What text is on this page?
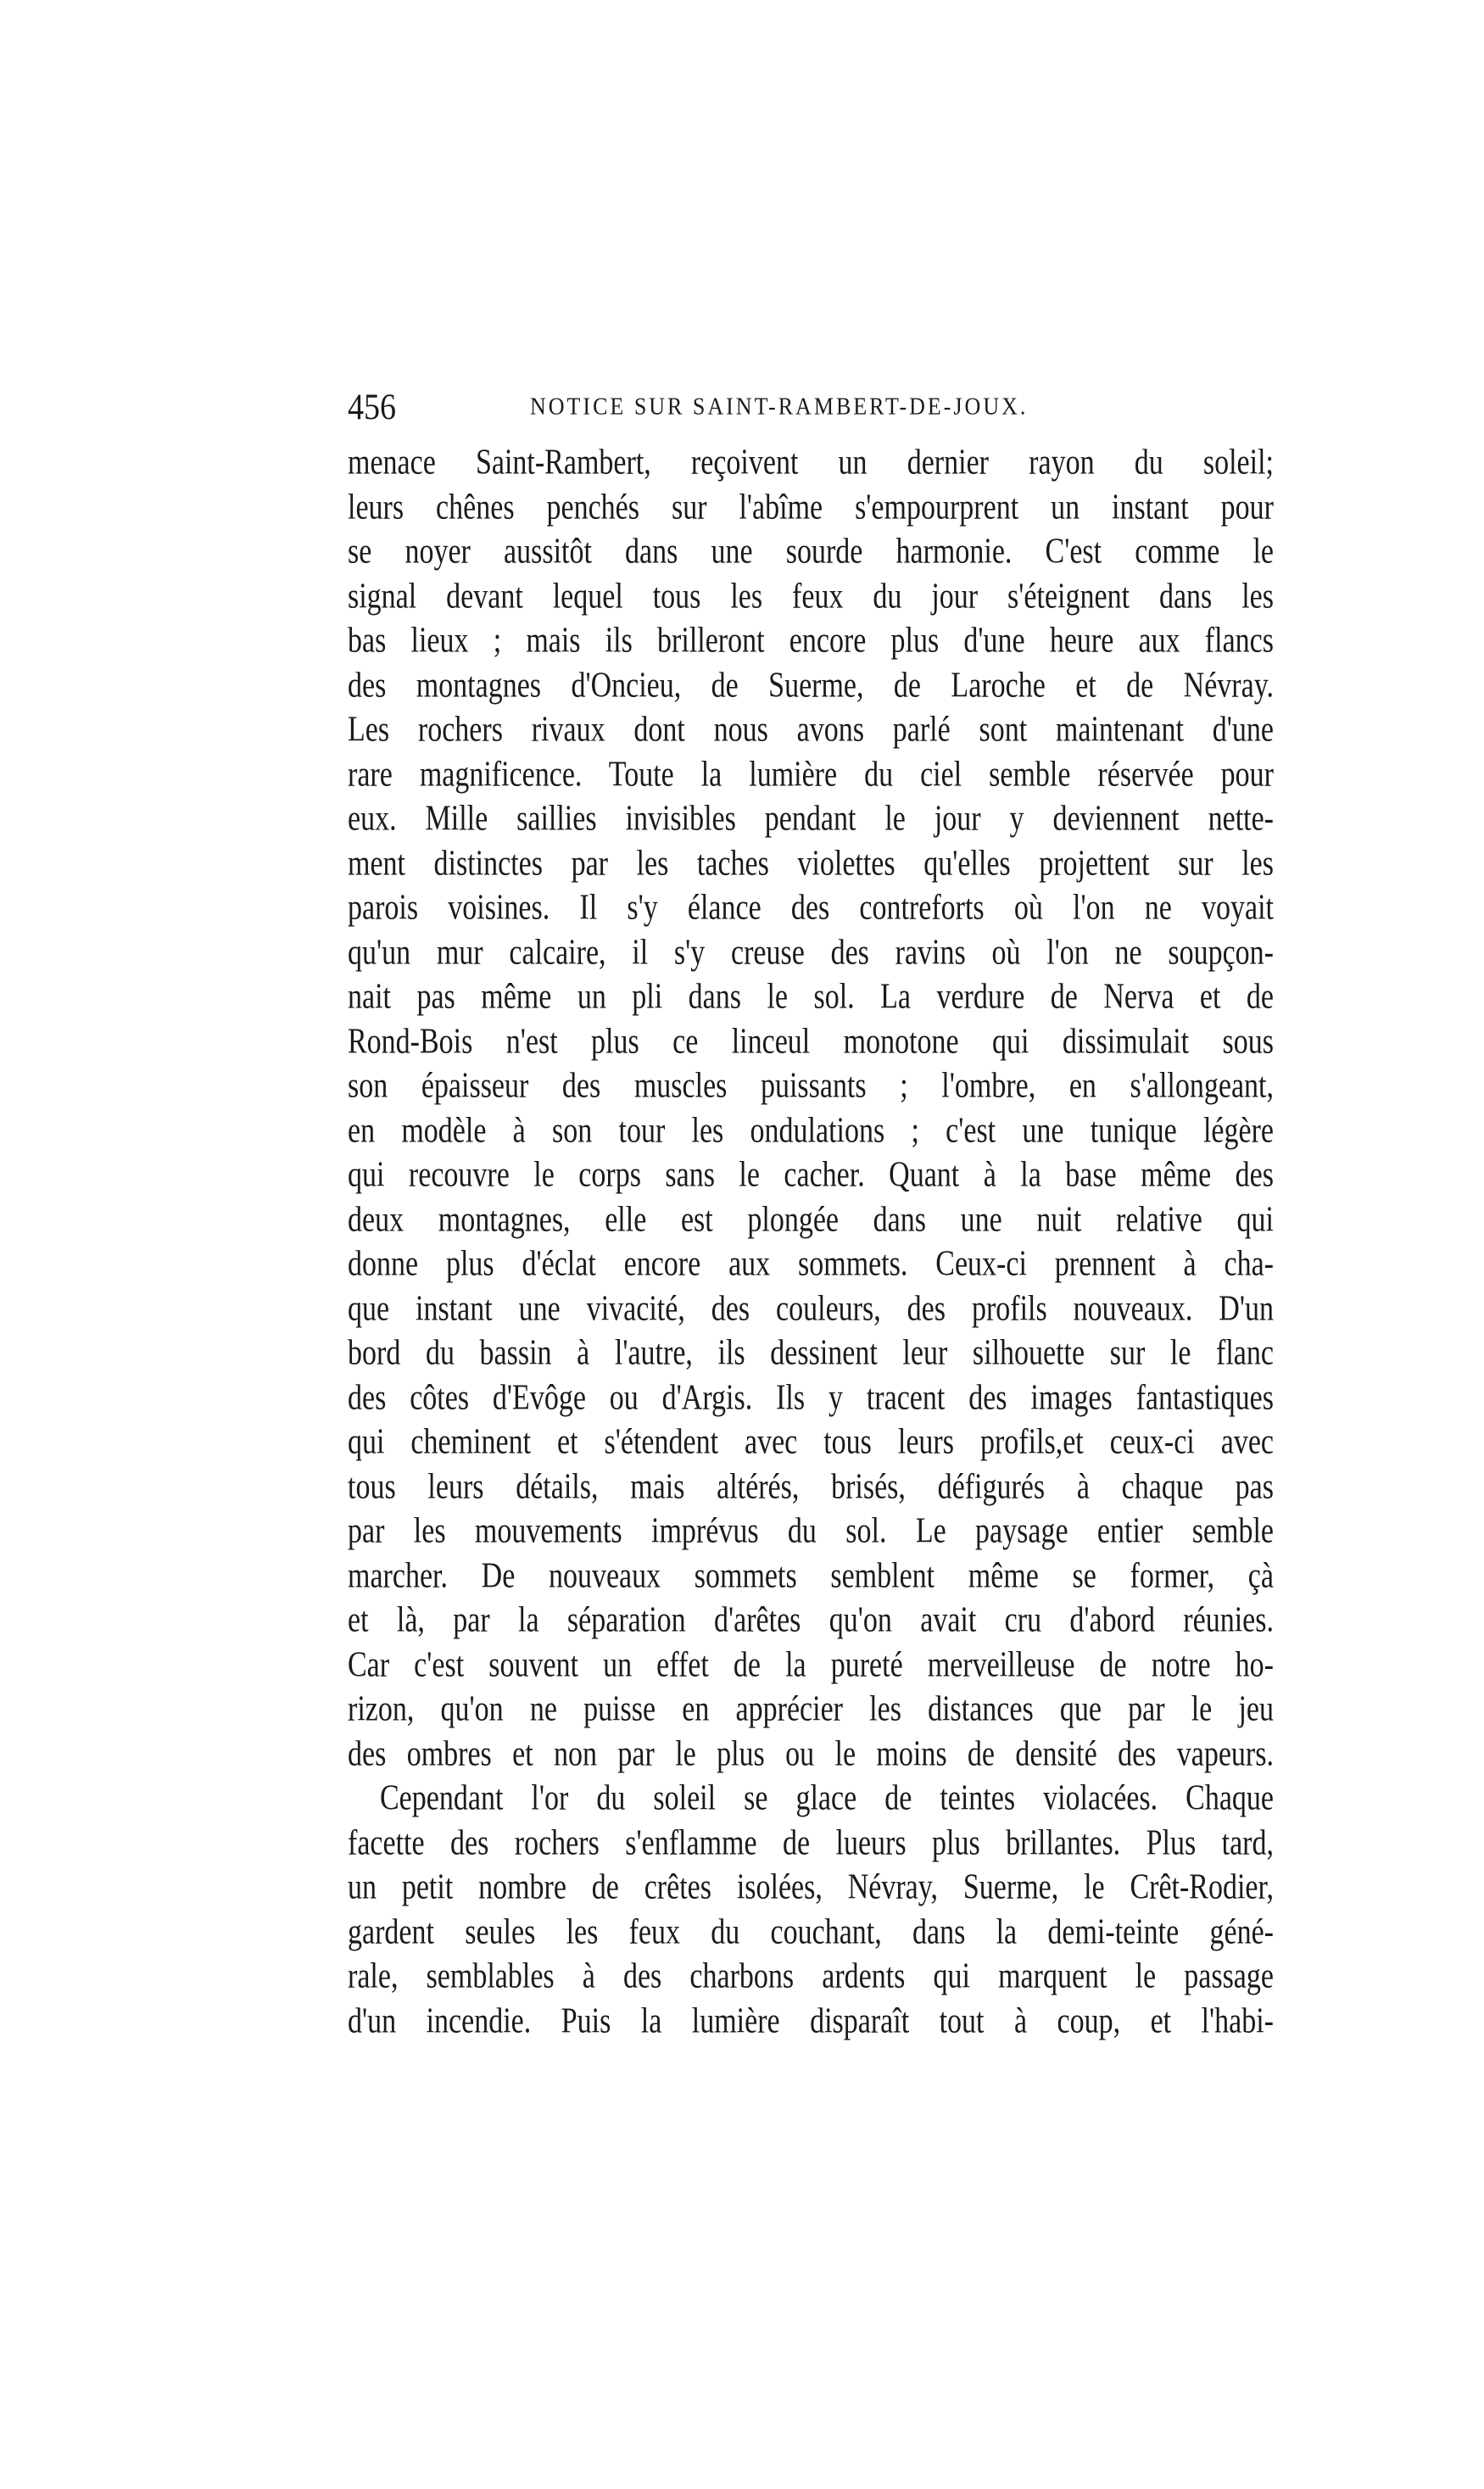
456	NOTICE SUR SAINT-RAMBERT-DE-JOUX.
menace Saint-Rambert, reçoivent un dernier rayon du soleil;
leurs chênes penchés sur l'abîme s'empourprent un instant pour
se noyer aussitôt dans une sourde harmonie. C'est comme le
signal devant lequel tous les feux du jour s'éteignent dans les
bas lieux ; mais ils brilleront encore plus d'une heure aux flancs
des montagnes d'Oncieu, de Suerme, de Laroche et de Névray.
Les rochers rivaux dont nous avons parlé sont maintenant d'une
rare magnificence. Toute la lumière du ciel semble réservée pour
eux. Mille saillies invisibles pendant le jour y deviennent nette-
ment distinctes par les taches violettes qu'elles projettent sur les
parois voisines. Il s'y élance des contreforts où l'on ne voyait
qu'un mur calcaire, il s'y creuse des ravins où l'on ne soupçon-
nait pas même un pli dans le sol. La verdure de Nerva et de
Rond-Bois n'est plus ce linceul monotone qui dissimulait sous
son épaisseur des muscles puissants ; l'ombre, en s'allongeant,
en modèle à son tour les ondulations ; c'est une tunique légère
qui recouvre le corps sans le cacher. Quant à la base même des
deux montagnes, elle est plongée dans une nuit relative qui
donne plus d'éclat encore aux sommets. Ceux-ci prennent à cha-
que instant une vivacité, des couleurs, des profils nouveaux. D'un
bord du bassin à l'autre, ils dessinent leur silhouette sur le flanc
des côtes d'Evôge ou d'Argis. Ils y tracent des images fantastiques
qui cheminent et s'étendent avec tous leurs profils,et ceux-ci avec
tous leurs détails, mais altérés, brisés, défigurés à chaque pas
par les mouvements imprévus du sol. Le paysage entier semble
marcher. De nouveaux sommets semblent même se former, çà
et là, par la séparation d'arêtes qu'on avait cru d'abord réunies.
Car c'est souvent un effet de la pureté merveilleuse de notre ho-
rizon, qu'on ne puisse en apprécier les distances que par le jeu
des ombres et non par le plus ou le moins de densité des vapeurs.
Cependant l'or du soleil se glace de teintes violacées. Chaque
facette des rochers s'enflamme de lueurs plus brillantes. Plus tard,
un petit nombre de crêtes isolées, Névray, Suerme, le Crêt-Rodier,
gardent seules les feux du couchant, dans la demi-teinte géné-
rale, semblables à des charbons ardents qui marquent le passage
d'un incendie. Puis la lumière disparaît tout à coup, et l'habi-
